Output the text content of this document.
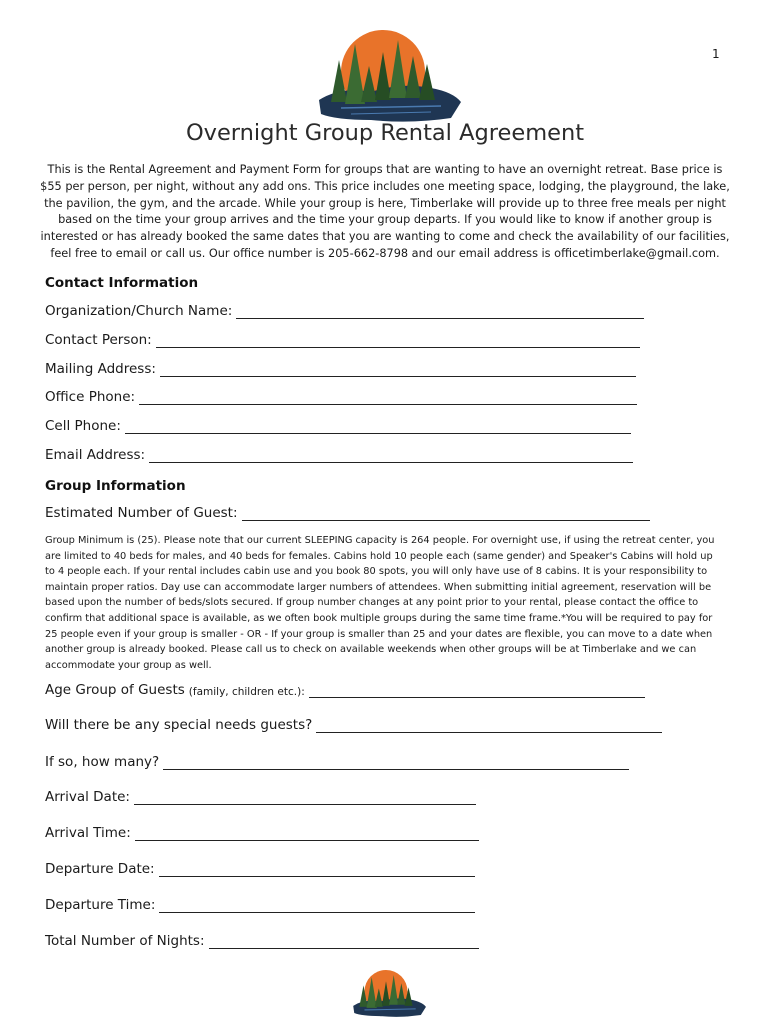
1
Overnight Group Rental Agreement

This is the Rental Agreement and Payment Form for groups that are wanting to have an overnight retreat. Base price is $55 per person, per night, without any add ons. This price includes one meeting space, lodging, the playground, the lake, the pavilion, the gym, and the arcade. While your group is here, Timberlake will provide up to three free meals per night based on the time your group arrives and the time your group departs. If you would like to know if another group is interested or has already booked the same dates that you are wanting to come and check the availability of our facilities, feel free to email or call us. Our office number is 205-662-8798 and our email address is officetimberlake@gmail.com.

Contact Information
Organization/Church Name:
Contact Person:
Mailing Address:
Office Phone:
Cell Phone:
Email Address:
Group Information
Estimated Number of Guest:

Group Minimum is (25). Please note that our current SLEEPING capacity is 264 people. For overnight use, if using the retreat center, you are limited to 40 beds for males, and 40 beds for females. Cabins hold 10 people each (same gender) and Speaker's Cabins will hold up to 4 people each. If your rental includes cabin use and you book 80 spots, you will only have use of 8 cabins. It is your responsibility to maintain proper ratios. Day use can accommodate larger numbers of attendees. When submitting initial agreement, reservation will be based upon the number of beds/slots secured. If group number changes at any point prior to your rental, please contact the office to confirm that additional space is available, as we often book multiple groups during the same time frame.*You will be required to pay for 25 people even if your group is smaller - OR - If your group is smaller than 25 and your dates are flexible, you can move to a date when another group is already booked. Please call us to check on available weekends when other groups will be at Timberlake and we can accommodate your group as well.

Age Group of Guests (family, children etc.):
Will there be any special needs guests?
If so, how many?
Arrival Date:
Arrival Time:
Departure Date:
Departure Time:
Total Number of Nights:
